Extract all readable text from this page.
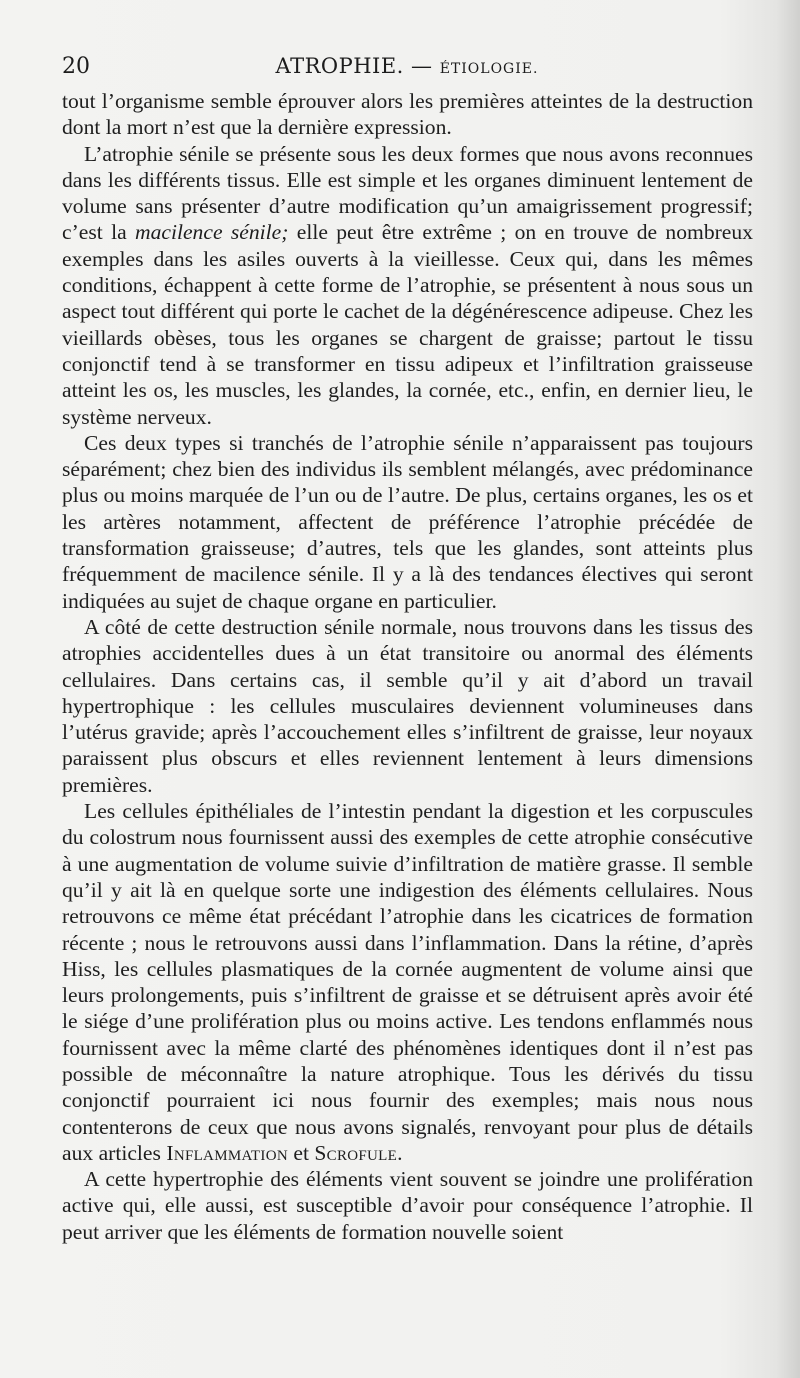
20	ATROPHIE. — ÉTIOLOGIE.

tout l’organisme semble éprouver alors les premières atteintes de la destruction dont la mort n’est que la dernière expression.

L’atrophie sénile se présente sous les deux formes que nous avons reconnues dans les différents tissus. Elle est simple et les organes diminuent lentement de volume sans présenter d’autre modification qu’un amaigrissement progressif; c’est la macilence sénile; elle peut être extrême ; on en trouve de nombreux exemples dans les asiles ouverts à la vieillesse. Ceux qui, dans les mêmes conditions, échappent à cette forme de l’atrophie, se présentent à nous sous un aspect tout différent qui porte le cachet de la dégénérescence adipeuse. Chez les vieillards obèses, tous les organes se chargent de graisse; partout le tissu conjonctif tend à se transformer en tissu adipeux et l’infiltration graisseuse atteint les os, les muscles, les glandes, la cornée, etc., enfin, en dernier lieu, le système nerveux.

Ces deux types si tranchés de l’atrophie sénile n’apparaissent pas toujours séparément; chez bien des individus ils semblent mélangés, avec prédominance plus ou moins marquée de l’un ou de l’autre. De plus, certains organes, les os et les artères notamment, affectent de préférence l’atrophie précédée de transformation graisseuse; d’autres, tels que les glandes, sont atteints plus fréquemment de macilence sénile. Il y a là des tendances électives qui seront indiquées au sujet de chaque organe en particulier.

A côté de cette destruction sénile normale, nous trouvons dans les tissus des atrophies accidentelles dues à un état transitoire ou anormal des éléments cellulaires. Dans certains cas, il semble qu’il y ait d’abord un travail hypertrophique : les cellules musculaires deviennent volumineuses dans l’utérus gravide; après l’accouchement elles s’infiltrent de graisse, leur noyaux paraissent plus obscurs et elles reviennent lentement à leurs dimensions premières.

Les cellules épithéliales de l’intestin pendant la digestion et les corpuscules du colostrum nous fournissent aussi des exemples de cette atrophie consécutive à une augmentation de volume suivie d’infiltration de matière grasse. Il semble qu’il y ait là en quelque sorte une indigestion des éléments cellulaires. Nous retrouvons ce même état précédant l’atrophie dans les cicatrices de formation récente ; nous le retrouvons aussi dans l’inflammation. Dans la rétine, d’après Hiss, les cellules plasmatiques de la cornée augmentent de volume ainsi que leurs prolongements, puis s’infiltrent de graisse et se détruisent après avoir été le siége d’une prolifération plus ou moins active. Les tendons enflammés nous fournissent avec la même clarté des phénomènes identiques dont il n’est pas possible de méconnaître la nature atrophique. Tous les dérivés du tissu conjonctif pourraient ici nous fournir des exemples; mais nous nous contenterons de ceux que nous avons signalés, renvoyant pour plus de détails aux articles Inflammation et Scrofule.

A cette hypertrophie des éléments vient souvent se joindre une prolifération active qui, elle aussi, est susceptible d’avoir pour conséquence l’atrophie. Il peut arriver que les éléments de formation nouvelle soient
